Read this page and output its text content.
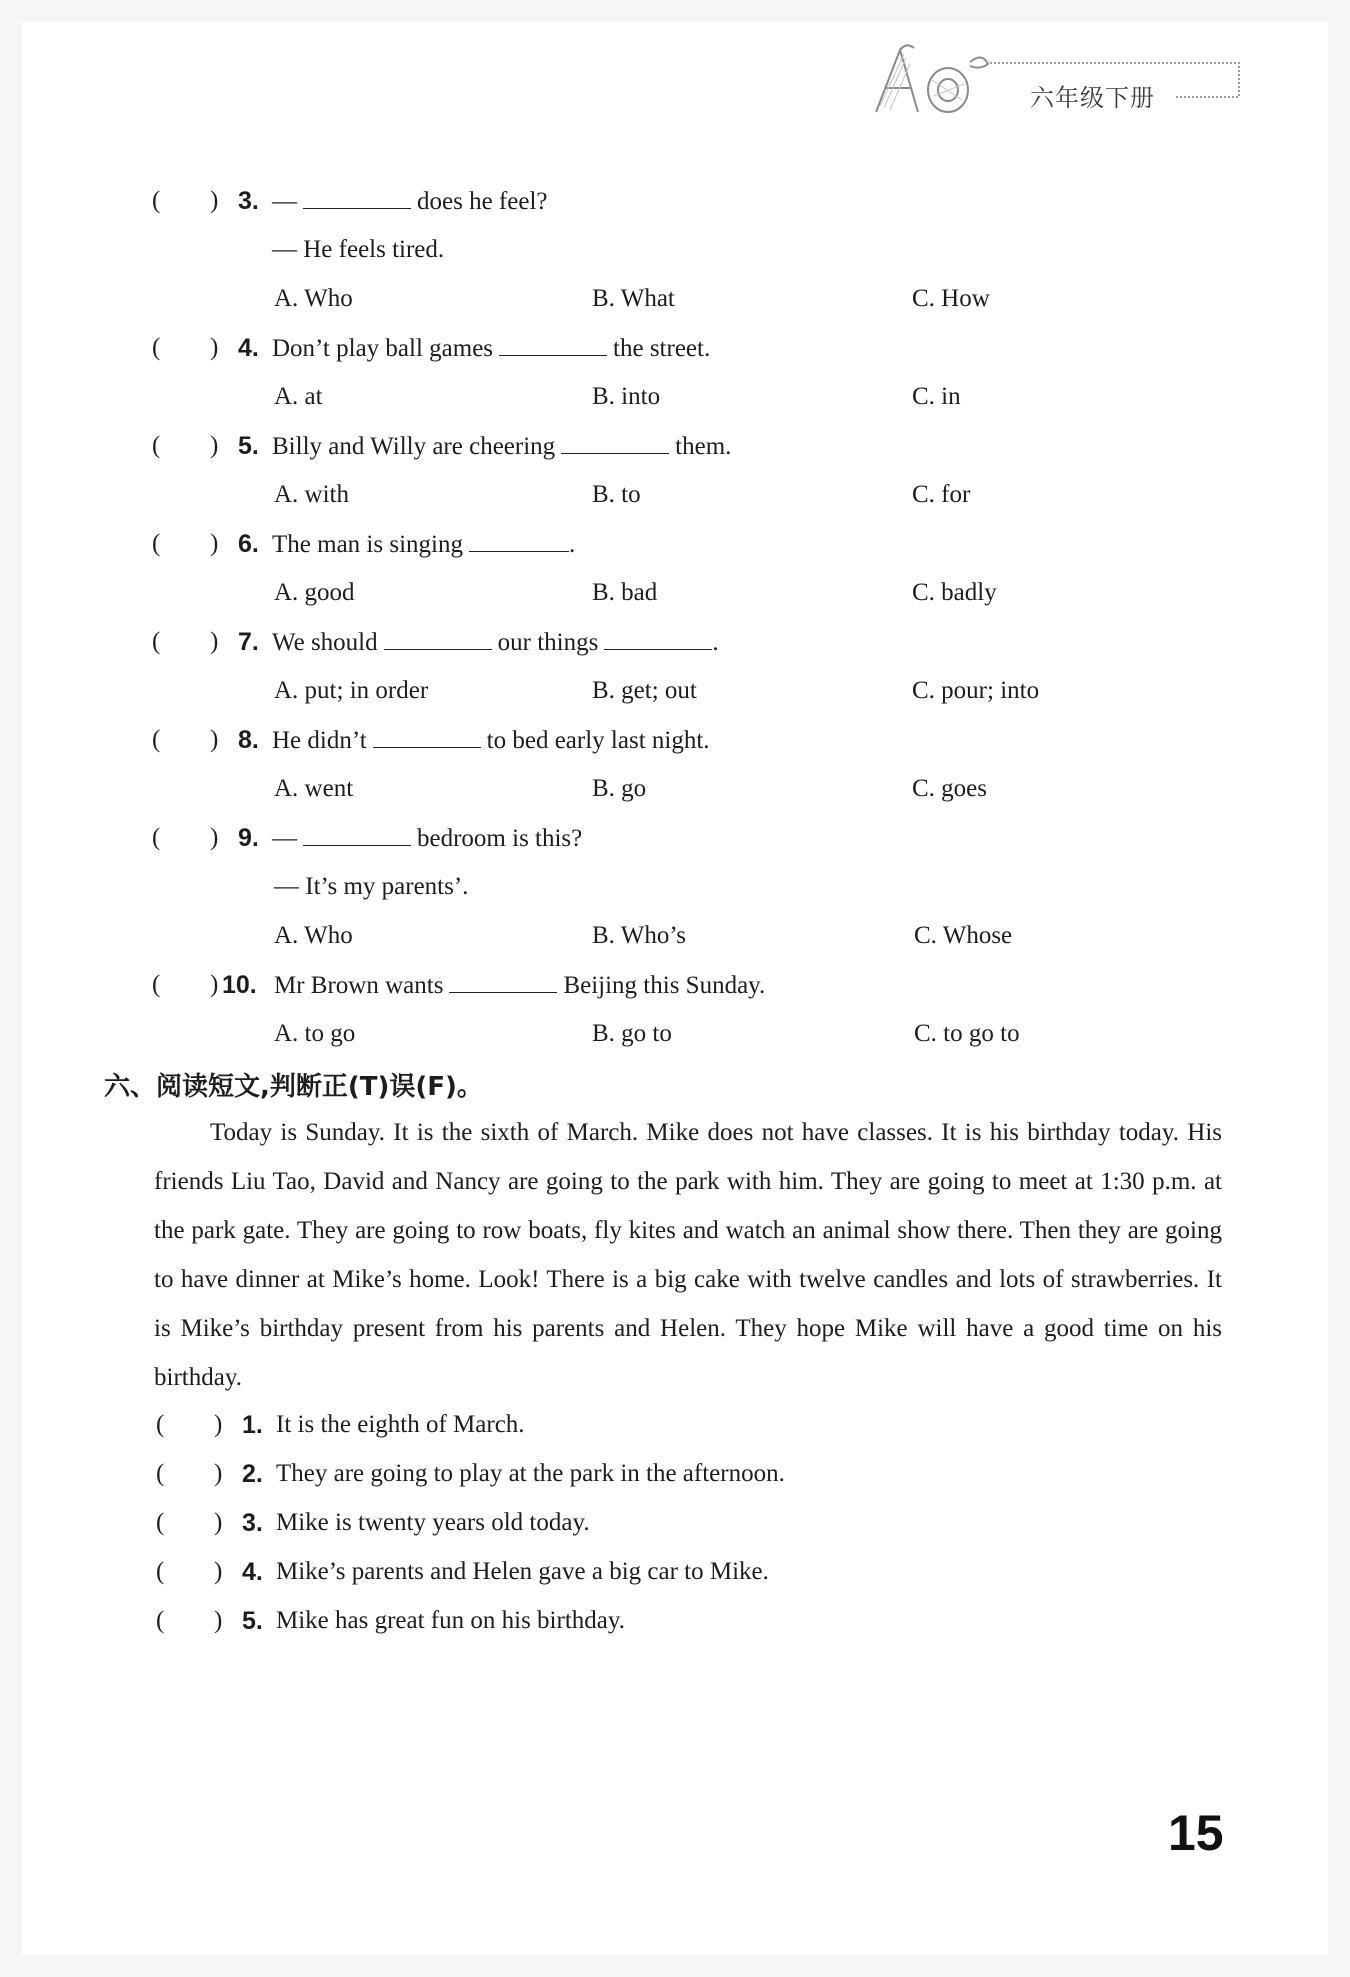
六年级下册
( ) 3. —	does he feel?
— He feels tired.
A. Who	B. What	C. How
( ) 4. Don’t play ball games	the street.
A. at	B. into	C. in
( ) 5. Billy and Willy are cheering	them.
A. with	B. to	C. for
( ) 6. The man is singing	.
A. good	B. bad	C. badly
( ) 7. We should	our things	.
A. put; in order	B. get; out	C. pour; into
( ) 8. He didn’t	to bed early last night.
A. went	B. go	C. goes
( ) 9. —	bedroom is this?
— It’s my parents’.
A. Who	B. Who’s	C. Whose
( ) 10. Mr Brown wants	Beijing this Sunday.
A. to go	B. go to	C. to go to
六、阅读短文,判断正(T)误(F)。

Today is Sunday. It is the sixth of March. Mike does not have classes. It is his birthday today. His friends Liu Tao, David and Nancy are going to the park with him. They are going to meet at 1:30 p.m. at the park gate. They are going to row boats, fly kites and watch an animal show there. Then they are going to have dinner at Mike’s home. Look! There is a big cake with twelve candles and lots of strawberries. It is Mike’s birthday present from his parents and Helen. They hope Mike will have a good time on his birthday.

( ) 1. It is the eighth of March.
( ) 2. They are going to play at the park in the afternoon.
( ) 3. Mike is twenty years old today.
( ) 4. Mike’s parents and Helen gave a big car to Mike.
( ) 5. Mike has great fun on his birthday.
15
